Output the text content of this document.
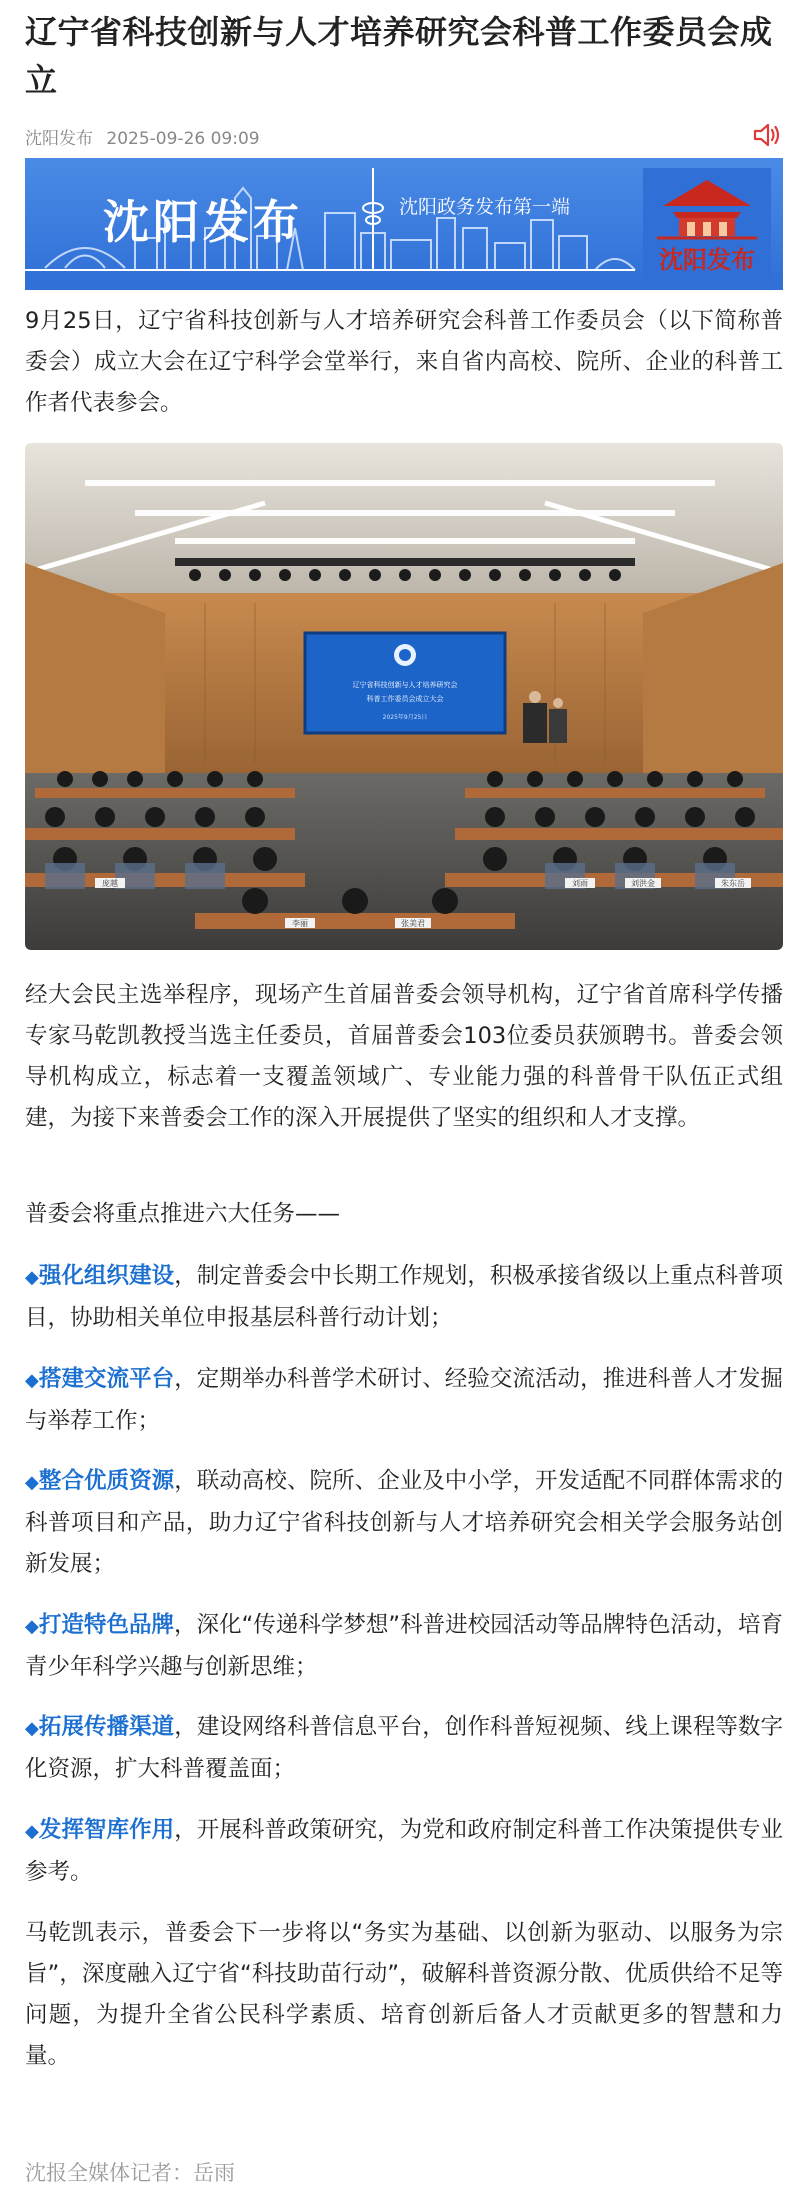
辽宁省科技创新与人才培养研究会科普工作委员会成立
沈阳发布 2025-09-26 09:09
沈阳发布	沈阳政务发布第一端
沈阳发布

9月25日，辽宁省科技创新与人才培养研究会科普工作委员会（以下简称普委会）成立大会在辽宁科学会堂举行，来自省内高校、院所、企业的科普工作者代表参会。

辽宁省科技创新与人才培养研究会
科普工作委员会成立大会
2025年9月25日
庞越
李丽	张美君
刘雨	刘洪金	朱东岳

经大会民主选举程序，现场产生首届普委会领导机构，辽宁省首席科学传播专家马乾凯教授当选主任委员，首届普委会103位委员获颁聘书。普委会领导机构成立，标志着一支覆盖领域广、专业能力强的科普骨干队伍正式组建，为接下来普委会工作的深入开展提供了坚实的组织和人才支撑。

普委会将重点推进六大任务——

◆强化组织建设，制定普委会中长期工作规划，积极承接省级以上重点科普项目，协助相关单位申报基层科普行动计划；

◆搭建交流平台，定期举办科普学术研讨、经验交流活动，推进科普人才发掘与举荐工作；

◆整合优质资源，联动高校、院所、企业及中小学，开发适配不同群体需求的科普项目和产品，助力辽宁省科技创新与人才培养研究会相关学会服务站创新发展；

◆打造特色品牌，深化“传递科学梦想”科普进校园活动等品牌特色活动，培育青少年科学兴趣与创新思维；

◆拓展传播渠道，建设网络科普信息平台，创作科普短视频、线上课程等数字化资源，扩大科普覆盖面；

◆发挥智库作用，开展科普政策研究，为党和政府制定科普工作决策提供专业参考。

马乾凯表示，普委会下一步将以“务实为基础、以创新为驱动、以服务为宗旨”，深度融入辽宁省“科技助苗行动”，破解科普资源分散、优质供给不足等问题，为提升全省公民科学素质、培育创新后备人才贡献更多的智慧和力量。

沈报全媒体记者：岳雨
